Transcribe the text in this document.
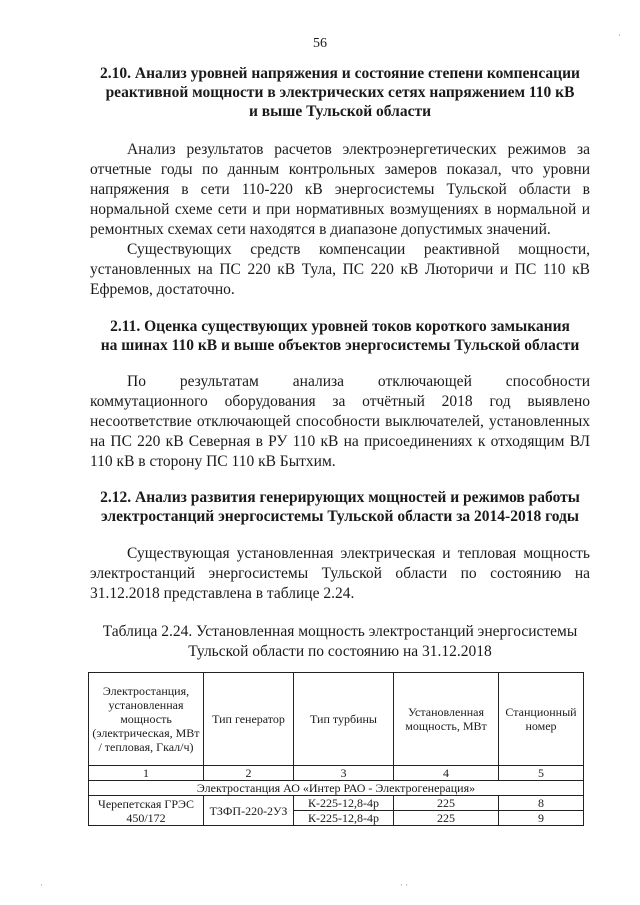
56
2.10. Анализ уровней напряжения и состояние степени компенсации
реактивной мощности в электрических сетях напряжением 110 кВ
и выше Тульской области

Анализ результатов расчетов электроэнергетических режимов за отчетные годы по данным контрольных замеров показал, что уровни напряжения в сети 110-220 кВ энергосистемы Тульской области в нормальной схеме сети и при нормативных возмущениях в нормальной и ремонтных схемах сети находятся в диапазоне допустимых значений.

Существующих средств компенсации реактивной мощности, установленных на ПС 220 кВ Тула, ПС 220 кВ Люторичи и ПС 110 кВ Ефремов, достаточно.

2.11. Оценка существующих уровней токов короткого замыкания
на шинах 110 кВ и выше объектов энергосистемы Тульской области

По результатам анализа отключающей способности коммутационного оборудования за отчётный 2018 год выявлено несоответствие отключающей способности выключателей, установленных на ПС 220 кВ Северная в РУ 110 кВ на присоединениях к отходящим ВЛ 110 кВ в сторону ПС 110 кВ Бытхим.

2.12. Анализ развития генерирующих мощностей и режимов работы
электростанций энергосистемы Тульской области за 2014-2018 годы

Существующая установленная электрическая и тепловая мощность электростанций энергосистемы Тульской области по состоянию на 31.12.2018 представлена в таблице 2.24.

Таблица 2.24. Установленная мощность электростанций энергосистемы
Тульской области по состоянию на 31.12.2018
Электростанция, установленная мощность (электрическая, МВт / тепловая, Гкал/ч)	Тип генератор	Тип турбины	Установленная мощность, МВт	Станционный номер
1	2	3	4	5
Электростанция АО «Интер РАО - Электрогенерация»				
Черепетская ГРЭС 450/172	ТЗФП-220-2УЗ	К-225-12,8-4р	225	8
		К-225-12,8-4р	225	9
·
·	· ·
